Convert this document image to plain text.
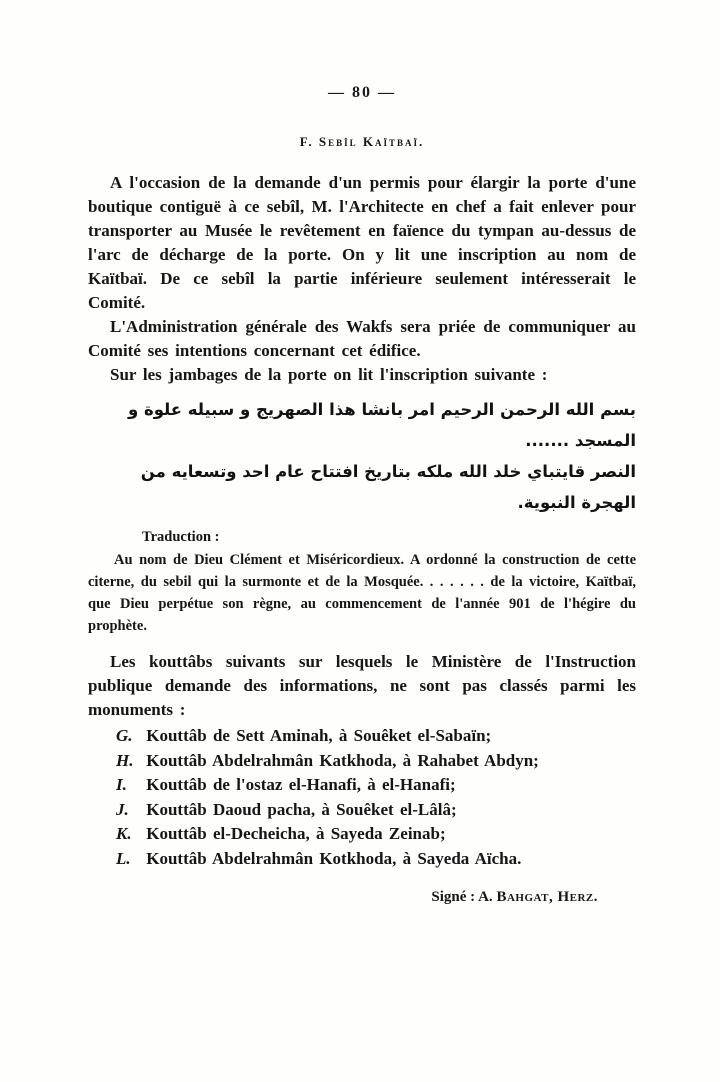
— 80 —
F. Sebîl Kaïtbaï.

A l'occasion de la demande d'un permis pour élargir la porte d'une boutique contiguë à ce sebîl, M. l'Architecte en chef a fait enlever pour transporter au Musée le revêtement en faïence du tympan au-dessus de l'arc de décharge de la porte. On y lit une inscription au nom de Kaïtbaï. De ce sebîl la partie inférieure seulement intéresserait le Comité.

L'Administration générale des Wakfs sera priée de communiquer au Comité ses intentions concernant cet édifice.

Sur les jambages de la porte on lit l'inscription suivante :

بسم الله الرحمن الرحيم امر بانشا هذا الصهريج و سبيله علوة و المسجد .......
النصر قايتباي خلد الله ملكه بتاريخ افتتاح عام احد وتسعايه من الهجرة النبوية.
Traduction :

Au nom de Dieu Clément et Miséricordieux. A ordonné la construction de cette citerne, du sebil qui la surmonte et de la Mosquée. . . . . . . de la victoire, Kaïtbaï, que Dieu perpétue son règne, au commencement de l'année 901 de l'hégire du prophète.

Les kouttâbs suivants sur lesquels le Ministère de l'Instruction publique demande des informations, ne sont pas classés parmi les monuments :

G. Kouttâb de Sett Aminah, à Souêket el-Sabaïn;
H. Kouttâb Abdelrahmân Katkhoda, à Rahabet Abdyn;
I. Kouttâb de l'ostaz el-Hanafi, à el-Hanafi;
J. Kouttâb Daoud pacha, à Souêket el-Lâlâ;
K. Kouttâb el-Decheicha, à Sayeda Zeinab;
L. Kouttâb Abdelrahmân Kotkhoda, à Sayeda Aïcha.
Signé : A. Bahgat, Herz.
